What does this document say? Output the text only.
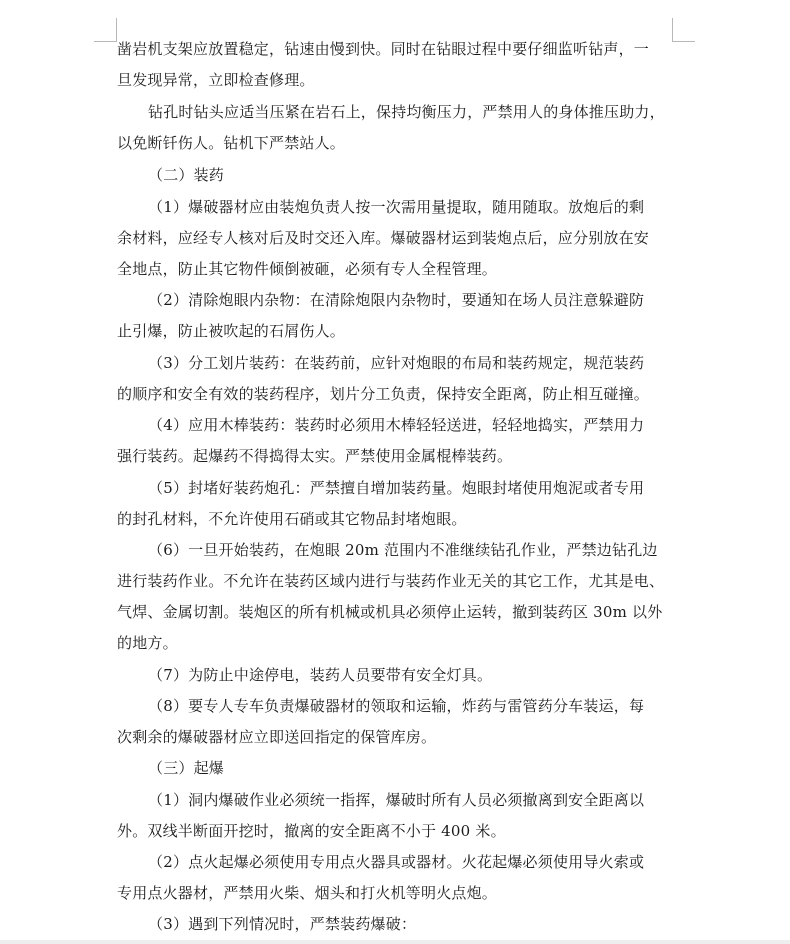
凿岩机支架应放置稳定，钻速由慢到快。同时在钻眼过程中要仔细监听钻声，一
旦发现异常，立即检查修理。
钻孔时钻头应适当压紧在岩石上，保持均衡压力，严禁用人的身体推压助力，
以免断钎伤人。钻机下严禁站人。
（二）装药
（1）爆破器材应由装炮负责人按一次需用量提取，随用随取。放炮后的剩
余材料，应经专人核对后及时交还入库。爆破器材运到装炮点后，应分别放在安
全地点，防止其它物件倾倒被砸，必须有专人全程管理。
（2）清除炮眼内杂物：在清除炮限内杂物时，要通知在场人员注意躲避防
止引爆，防止被吹起的石屑伤人。
（3）分工划片装药：在装药前，应针对炮眼的布局和装药规定，规范装药
的顺序和安全有效的装药程序，划片分工负责，保持安全距离，防止相互碰撞。
（4）应用木棒装药：装药时必须用木棒轻轻送进，轻轻地捣实，严禁用力
强行装药。起爆药不得捣得太实。严禁使用金属棍棒装药。
（5）封堵好装药炮孔：严禁擅自增加装药量。炮眼封堵使用炮泥或者专用
的封孔材料，不允许使用石硝或其它物品封堵炮眼。
（6）一旦开始装药，在炮眼 20m 范围内不准继续钻孔作业，严禁边钻孔边
进行装药作业。不允许在装药区域内进行与装药作业无关的其它工作，尤其是电、
气焊、金属切割。装炮区的所有机械或机具必须停止运转，撤到装药区 30m 以外
的地方。
（7）为防止中途停电，装药人员要带有安全灯具。
（8）要专人专车负责爆破器材的领取和运输，炸药与雷管药分车装运，每
次剩余的爆破器材应立即送回指定的保管库房。
（三）起爆
（1）洞内爆破作业必须统一指挥，爆破时所有人员必须撤离到安全距离以
外。双线半断面开挖时，撤离的安全距离不小于 400 米。
（2）点火起爆必须使用专用点火器具或器材。火花起爆必须使用导火索或
专用点火器材，严禁用火柴、烟头和打火机等明火点炮。
（3）遇到下列情况时，严禁装药爆破：
